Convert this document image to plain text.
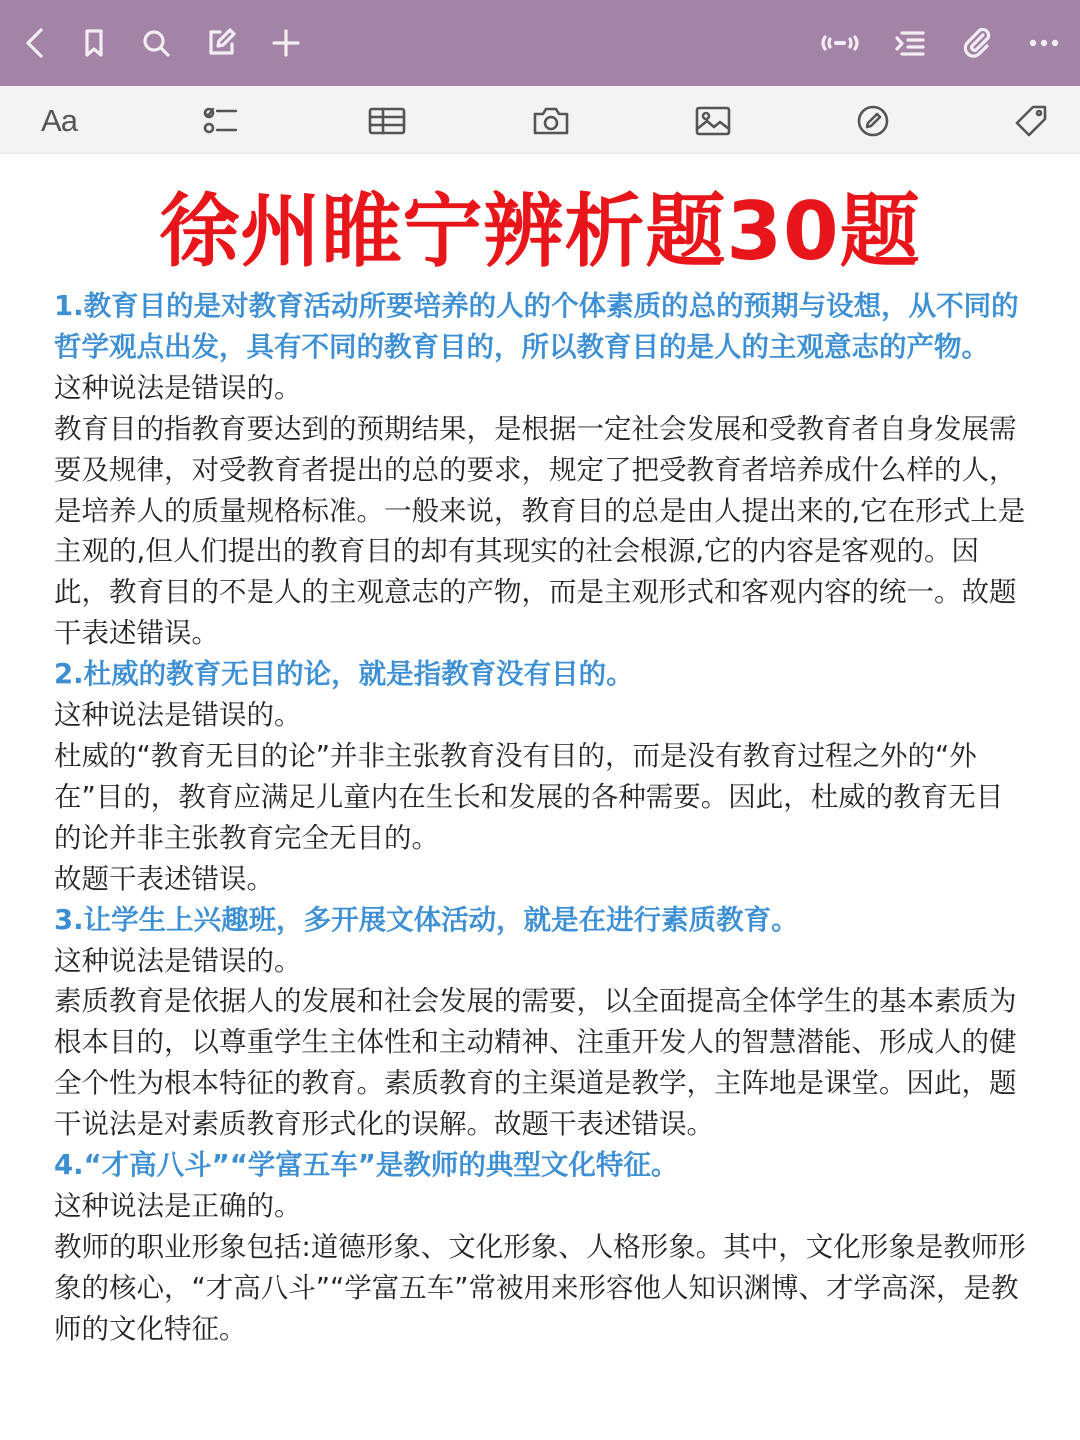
Aa
徐州睢宁辨析题30题

1.教育目的是对教育活动所要培养的人的个体素质的总的预期与设想，从不同的哲学观点出发，具有不同的教育目的，所以教育目的是人的主观意志的产物。

这种说法是错误的。

教育目的指教育要达到的预期结果，是根据一定社会发展和受教育者自身发展需要及规律，对受教育者提出的总的要求，规定了把受教育者培养成什么样的人，是培养人的质量规格标准。一般来说，教育目的总是由人提出来的,它在形式上是主观的,但人们提出的教育目的却有其现实的社会根源,它的内容是客观的。因此，教育目的不是人的主观意志的产物，而是主观形式和客观内容的统一。故题干表述错误。

2.杜威的教育无目的论，就是指教育没有目的。

这种说法是错误的。

杜威的“教育无目的论”并非主张教育没有目的，而是没有教育过程之外的“外在”目的，教育应满足儿童内在生长和发展的各种需要。因此，杜威的教育无目的论并非主张教育完全无目的。

故题干表述错误。

3.让学生上兴趣班，多开展文体活动，就是在进行素质教育。

这种说法是错误的。

素质教育是依据人的发展和社会发展的需要，以全面提高全体学生的基本素质为根本目的，以尊重学生主体性和主动精神、注重开发人的智慧潜能、形成人的健全个性为根本特征的教育。素质教育的主渠道是教学，主阵地是课堂。因此，题干说法是对素质教育形式化的误解。故题干表述错误。

4.“才高八斗”“学富五车”是教师的典型文化特征。

这种说法是正确的。

教师的职业形象包括:道德形象、文化形象、人格形象。其中，文化形象是教师形象的核心，“才高八斗”“学富五车”常被用来形容他人知识渊博、才学高深，是教师的文化特征。
